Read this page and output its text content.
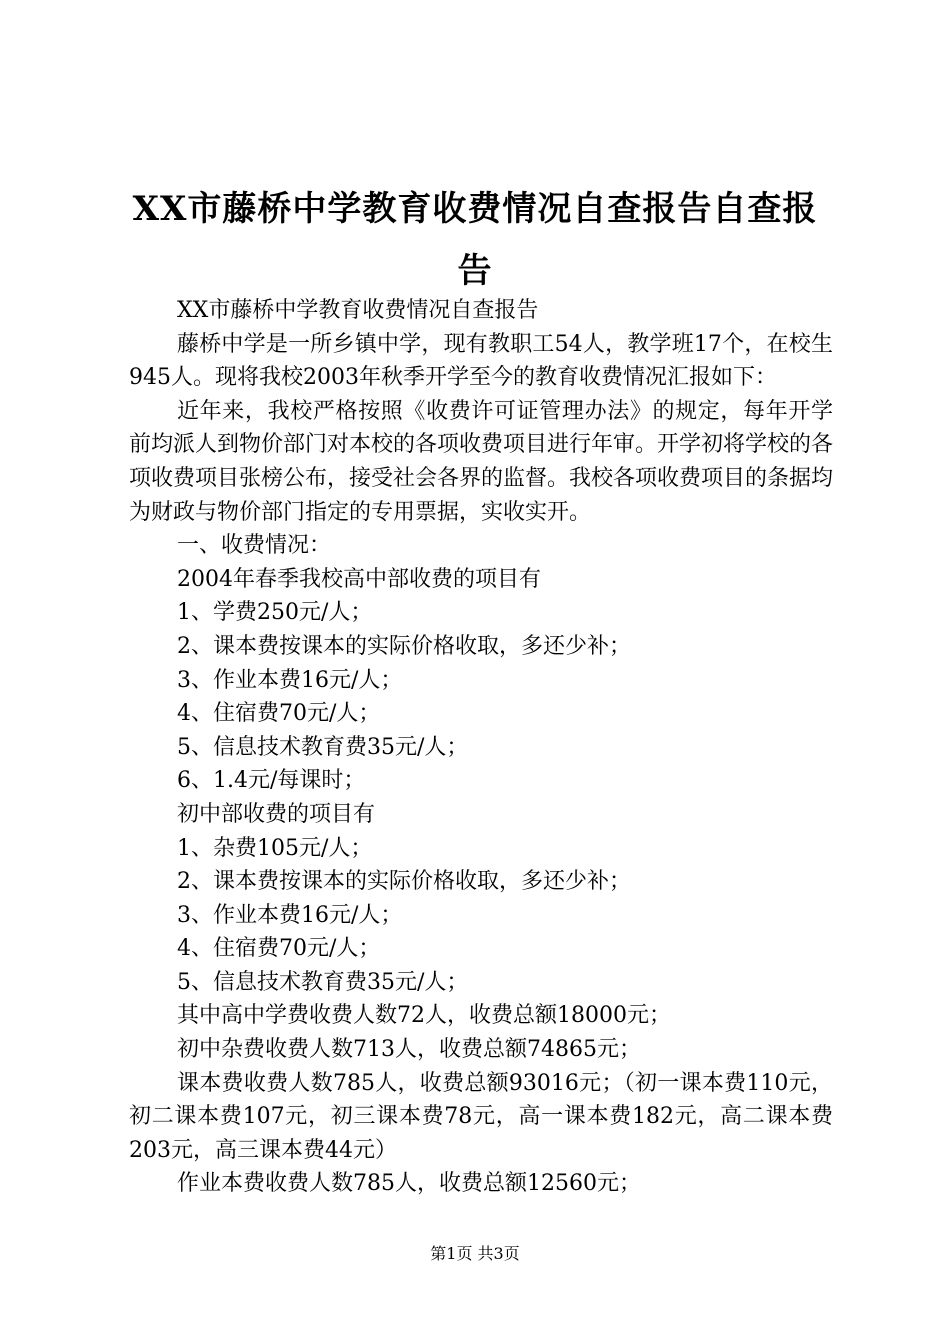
XX市藤桥中学教育收费情况自查报告自查报告

XX市藤桥中学教育收费情况自查报告

藤桥中学是一所乡镇中学，现有教职工54人，教学班17个，在校生945人。现将我校2003年秋季开学至今的教育收费情况汇报如下：

近年来，我校严格按照《收费许可证管理办法》的规定，每年开学前均派人到物价部门对本校的各项收费项目进行年审。开学初将学校的各项收费项目张榜公布，接受社会各界的监督。我校各项收费项目的条据均为财政与物价部门指定的专用票据，实收实开。

一、收费情况：

2004年春季我校高中部收费的项目有

1、学费250元/人；

2、课本费按课本的实际价格收取，多还少补；

3、作业本费16元/人；

4、住宿费70元/人；

5、信息技术教育费35元/人；

6、1.4元/每课时；

初中部收费的项目有

1、杂费105元/人；

2、课本费按课本的实际价格收取，多还少补；

3、作业本费16元/人；

4、住宿费70元/人；

5、信息技术教育费35元/人；

其中高中学费收费人数72人，收费总额18000元；

初中杂费收费人数713人，收费总额74865元；

课本费收费人数785人，收费总额93016元；（初一课本费110元，初二课本费107元，初三课本费78元，高一课本费182元，高二课本费203元，高三课本费44元）

作业本费收费人数785人，收费总额12560元；

第1页 共3页
